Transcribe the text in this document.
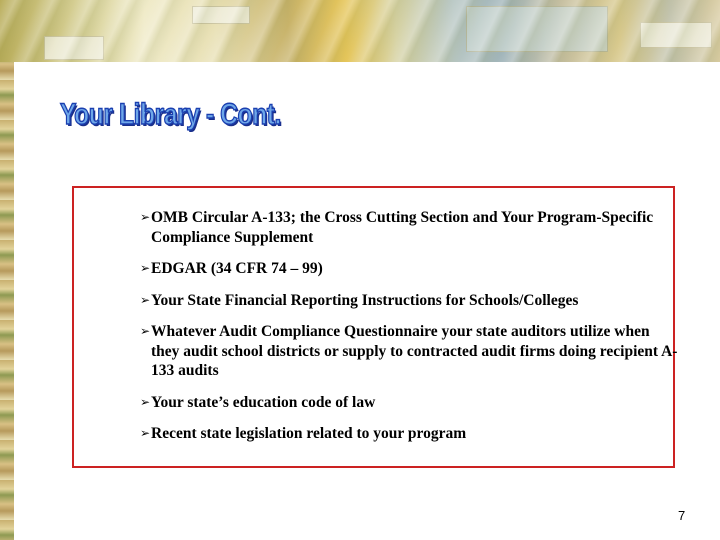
Your Library - Cont.
➢ OMB Circular A-133; the Cross Cutting Section and Your Program-Specific Compliance Supplement
➢ EDGAR (34 CFR 74 – 99)
➢ Your State Financial Reporting Instructions for Schools/Colleges
➢ Whatever Audit Compliance Questionnaire your state auditors utilize when they audit school districts or supply to contracted audit firms doing recipient A-133 audits
➢ Your state’s education code of law
➢ Recent state legislation related to your program
7
